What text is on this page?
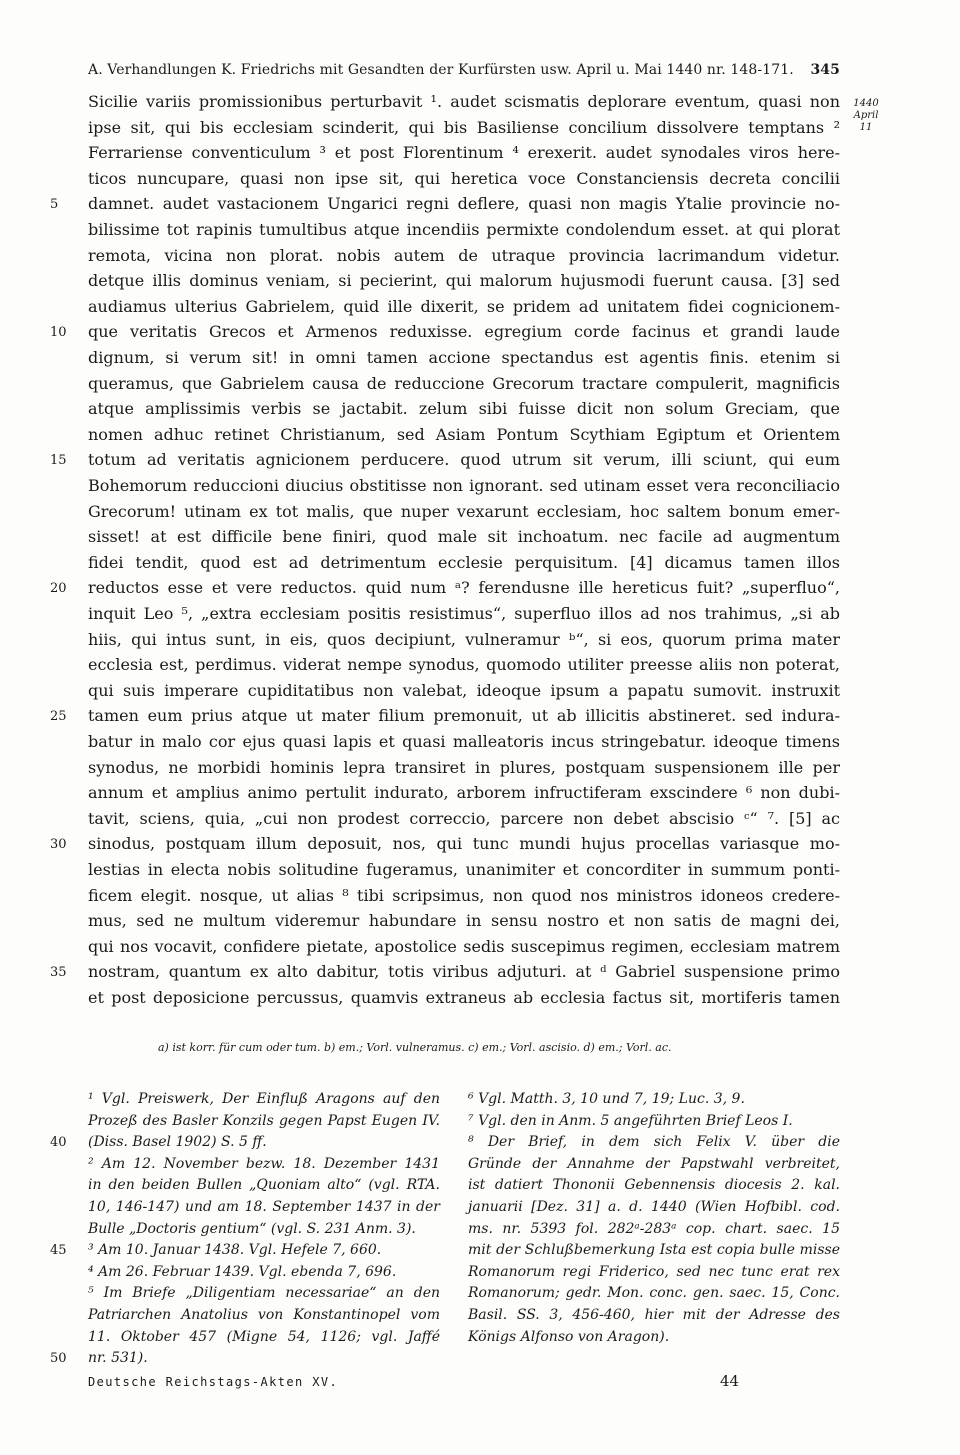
A. Verhandlungen K. Friedrichs mit Gesandten der Kurfürsten usw. April u. Mai 1440 nr. 148-171. 345
1440
April 11
Sicilie variis promissionibus perturbavit ¹. audet scismatis deplorare eventum, quasi non
ipse sit, qui bis ecclesiam scinderit, qui bis Basiliense concilium dissolvere temptans ²
Ferrariense conventiculum ³ et post Florentinum ⁴ erexerit. audet synodales viros here-
ticos nuncupare, quasi non ipse sit, qui heretica voce Constanciensis decreta concilii
damnet. audet vastacionem Ungarici regni deflere, quasi non magis Ytalie provincie no-
bilissime tot rapinis tumultibus atque incendiis permixte condolendum esset. at qui plorat
remota, vicina non plorat. nobis autem de utraque provincia lacrimandum videtur.
detque illis dominus veniam, si pecierint, qui malorum hujusmodi fuerunt causa. [3] sed
audiamus ulterius Gabrielem, quid ille dixerit, se pridem ad unitatem fidei cognicionem-
que veritatis Grecos et Armenos reduxisse. egregium corde facinus et grandi laude
dignum, si verum sit! in omni tamen accione spectandus est agentis finis. etenim si
queramus, que Gabrielem causa de reduccione Grecorum tractare compulerit, magnificis
atque amplissimis verbis se jactabit. zelum sibi fuisse dicit non solum Greciam, que
nomen adhuc retinet Christianum, sed Asiam Pontum Scythiam Egiptum et Orientem
totum ad veritatis agnicionem perducere. quod utrum sit verum, illi sciunt, qui eum
Bohemorum reduccioni diucius obstitisse non ignorant. sed utinam esset vera reconciliacio
Grecorum! utinam ex tot malis, que nuper vexarunt ecclesiam, hoc saltem bonum emer-
sisset! at est difficile bene finiri, quod male sit inchoatum. nec facile ad augmentum
fidei tendit, quod est ad detrimentum ecclesie perquisitum. [4] dicamus tamen illos
reductos esse et vere reductos. quid num ᵃ? ferendusne ille hereticus fuit? „superfluo“,
inquit Leo ⁵, „extra ecclesiam positis resistimus“, superfluo illos ad nos trahimus, „si ab
hiis, qui intus sunt, in eis, quos decipiunt, vulneramur ᵇ“, si eos, quorum prima mater
ecclesia est, perdimus. viderat nempe synodus, quomodo utiliter preesse aliis non poterat,
qui suis imperare cupiditatibus non valebat, ideoque ipsum a papatu sumovit. instruxit
tamen eum prius atque ut mater filium premonuit, ut ab illicitis abstineret. sed indura-
batur in malo cor ejus quasi lapis et quasi malleatoris incus stringebatur. ideoque timens
synodus, ne morbidi hominis lepra transiret in plures, postquam suspensionem ille per
annum et amplius animo pertulit indurato, arborem infructiferam exscindere ⁶ non dubi-
tavit, sciens, quia, „cui non prodest correccio, parcere non debet abscisio ᶜ“ ⁷. [5] ac
sinodus, postquam illum deposuit, nos, qui tunc mundi hujus procellas variasque mo-
lestias in electa nobis solitudine fugeramus, unanimiter et concorditer in summum ponti-
ficem elegit. nosque, ut alias ⁸ tibi scripsimus, non quod nos ministros idoneos credere-
mus, sed ne multum videremur habundare in sensu nostro et non satis de magni dei,
qui nos vocavit, confidere pietate, apostolice sedis suscepimus regimen, ecclesiam matrem
nostram, quantum ex alto dabitur, totis viribus adjuturi. at ᵈ Gabriel suspensione primo
et post deposicione percussus, quamvis extraneus ab ecclesia factus sit, mortiferis tamen
5
10
15
20
25
30
35
a) ist korr. für cum oder tum. b) em.; Vorl. vulneramus. c) em.; Vorl. ascisio. d) em.; Vorl. ac.
¹ Vgl. Preiswerk, Der Einfluß Aragons auf den
Prozeß des Basler Konzils gegen Papst Eugen IV.
(Diss. Basel 1902) S. 5 ff.
² Am 12. November bezw. 18. Dezember 1431
in den beiden Bullen „Quoniam alto“ (vgl. RTA.
10, 146-147) und am 18. September 1437 in der
Bulle „Doctoris gentium“ (vgl. S. 231 Anm. 3).
³ Am 10. Januar 1438. Vgl. Hefele 7, 660.
⁴ Am 26. Februar 1439. Vgl. ebenda 7, 696.
⁵ Im Briefe „Diligentiam necessariae“ an den
Patriarchen Anatolius von Konstantinopel vom
11. Oktober 457 (Migne 54, 1126; vgl. Jaffé
nr. 531).
⁶ Vgl. Matth. 3, 10 und 7, 19; Luc. 3, 9.
⁷ Vgl. den in Anm. 5 angeführten Brief Leos I.
⁸ Der Brief, in dem sich Felix V. über die
Gründe der Annahme der Papstwahl verbreitet,
ist datiert Thononii Gebennensis diocesis 2. kal.
januarii [Dez. 31] a. d. 1440 (Wien Hofbibl. cod.
ms. nr. 5393 fol. 282ᵃ-283ᵃ cop. chart. saec. 15
mit der Schlußbemerkung Ista est copia bulle misse
Romanorum regi Friderico, sed nec tunc erat rex
Romanorum; gedr. Mon. conc. gen. saec. 15, Conc.
Basil. SS. 3, 456-460, hier mit der Adresse des
Königs Alfonso von Aragon).
40
45
50
Deutsche Reichstags-Akten XV.	44
